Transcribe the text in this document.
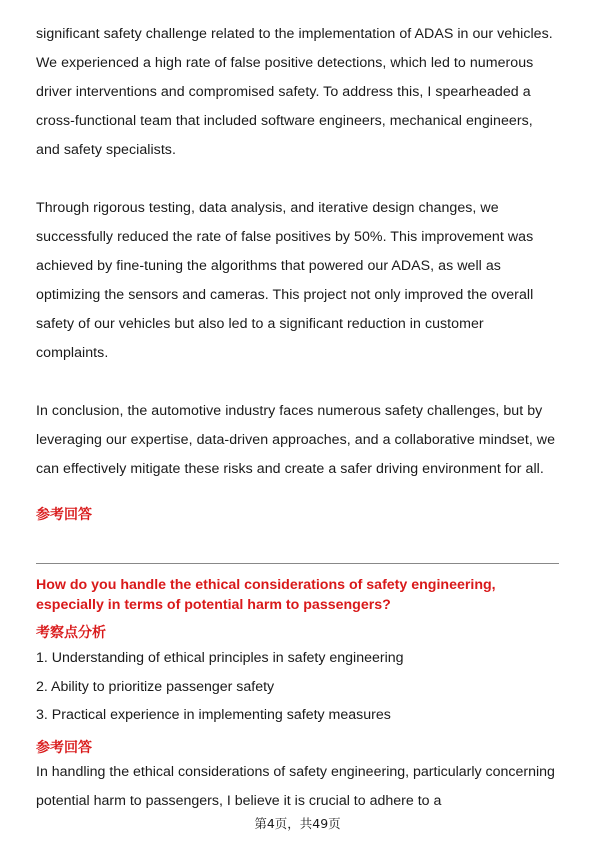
significant safety challenge related to the implementation of ADAS in our vehicles. We experienced a high rate of false positive detections, which led to numerous driver interventions and compromised safety. To address this, I spearheaded a cross-functional team that included software engineers, mechanical engineers, and safety specialists.

Through rigorous testing, data analysis, and iterative design changes, we successfully reduced the rate of false positives by 50%. This improvement was achieved by fine-tuning the algorithms that powered our ADAS, as well as optimizing the sensors and cameras. This project not only improved the overall safety of our vehicles but also led to a significant reduction in customer complaints.

In conclusion, the automotive industry faces numerous safety challenges, but by leveraging our expertise, data-driven approaches, and a collaborative mindset, we can effectively mitigate these risks and create a safer driving environment for all.

参考回答

How do you handle the ethical considerations of safety engineering, especially in terms of potential harm to passengers?

考察点分析

1. Understanding of ethical principles in safety engineering
2. Ability to prioritize passenger safety
3. Practical experience in implementing safety measures

参考回答

In handling the ethical considerations of safety engineering, particularly concerning potential harm to passengers, I believe it is crucial to adhere to a

第4页，共49页
